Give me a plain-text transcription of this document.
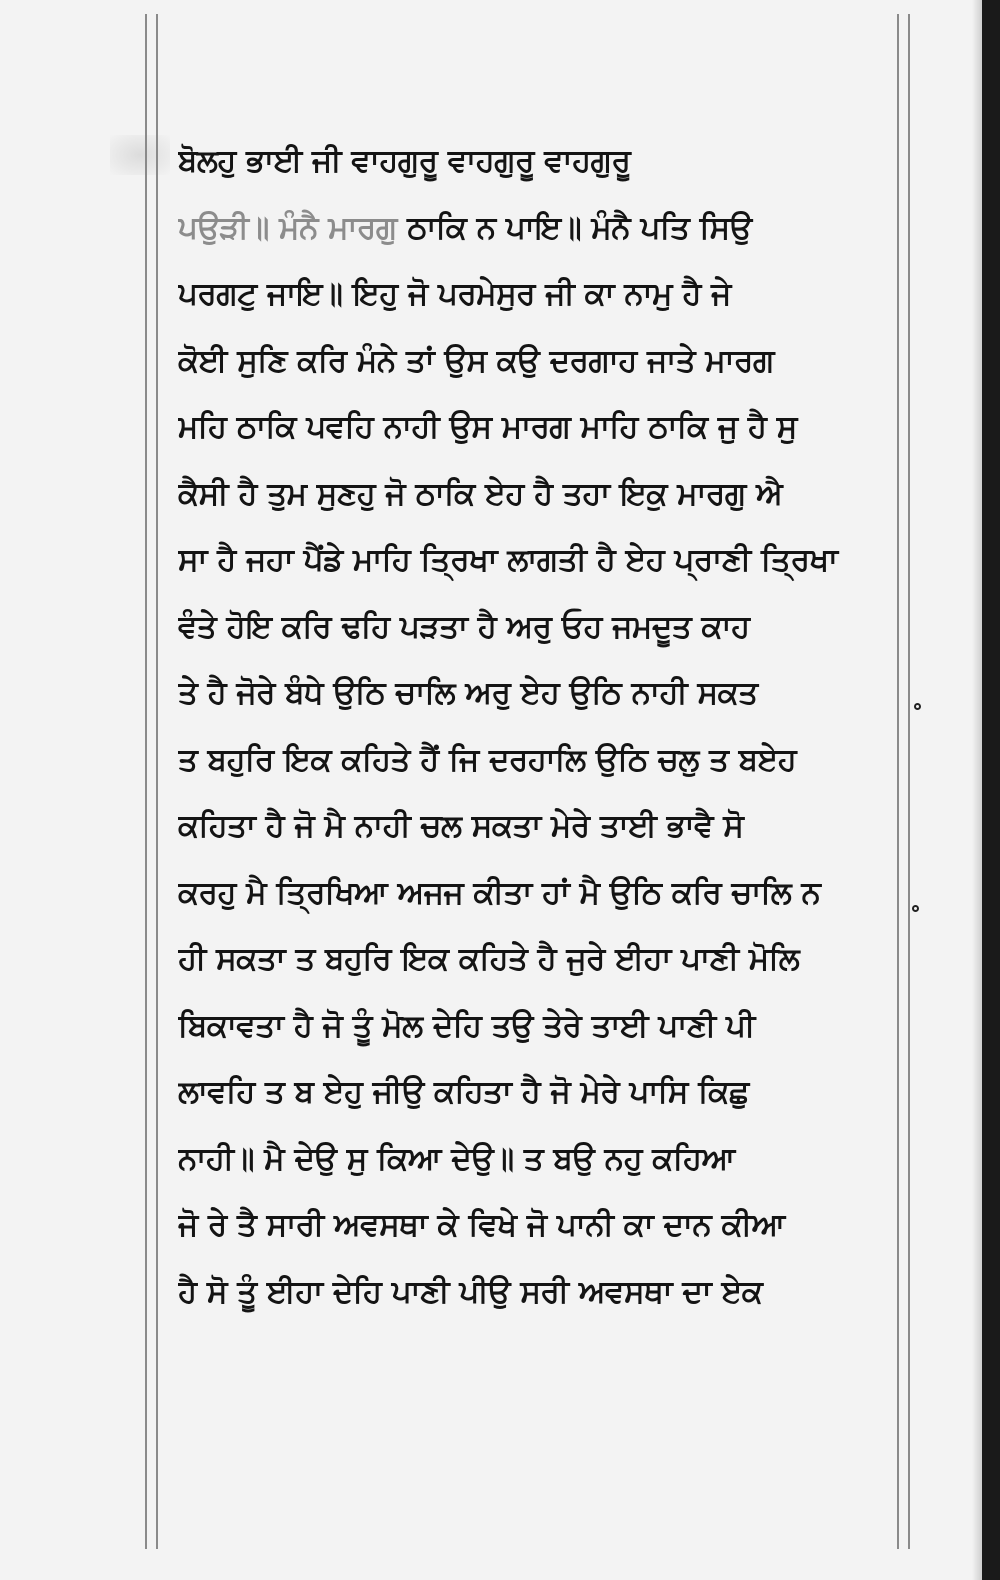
ਬੋਲਹੁ ਭਾਈ ਜੀ ਵਾਹਗੁਰੂ ਵਾਹਗੁਰੂ ਵਾਹਗੁਰੂ
ਪਉੜੀ॥ ਮੰਨੈ ਮਾਰਗੁ ਠਾਕਿ ਨ ਪਾਇ॥ ਮੰਨੈ ਪਤਿ ਸਿਉ
ਪਰਗਟੁ ਜਾਇ॥ ਇਹੁ ਜੋ ਪਰਮੇਸੁਰ ਜੀ ਕਾ ਨਾਮੁ ਹੈ ਜੇ
ਕੋਈ ਸੁਣਿ ਕਰਿ ਮੰਨੇ ਤਾਂ ਉਸ ਕਉ ਦਰਗਾਹ ਜਾਤੇ ਮਾਰਗ
ਮਹਿ ਠਾਕਿ ਪਵਹਿ ਨਾਹੀ ਉਸ ਮਾਰਗ ਮਾਹਿ ਠਾਕਿ ਜੁ ਹੈ ਸੁ
ਕੈਸੀ ਹੈ ਤੁਮ ਸੁਣਹੁ ਜੋ ਠਾਕਿ ਏਹ ਹੈ ਤਹਾ ਇਕੁ ਮਾਰਗੁ ਐ
ਸਾ ਹੈ ਜਹਾ ਪੈਂਡੇ ਮਾਹਿ ਤ੍ਰਿਖਾ ਲਾਗਤੀ ਹੈ ਏਹ ਪ੍ਰਾਣੀ ਤ੍ਰਿਖਾ
ਵੰਤੇ ਹੋਇ ਕਰਿ ਢਹਿ ਪੜਤਾ ਹੈ ਅਰੁ ਓਹ ਜਮਦੂਤ ਕਾਹ
ਤੇ ਹੈ ਜੋਰੇ ਬੰਧੇ ਉਠਿ ਚਾਲਿ ਅਰੁ ਏਹ ਉਠਿ ਨਾਹੀ ਸਕਤ
ਤ ਬਹੁਰਿ ਇਕ ਕਹਿਤੇ ਹੈਂ ਜਿ ਦਰਹਾਲਿ ਉਠਿ ਚਲੁ ਤ ਬਏਹ
ਕਹਿਤਾ ਹੈ ਜੋ ਮੈ ਨਾਹੀ ਚਲ ਸਕਤਾ ਮੇਰੇ ਤਾਈ ਭਾਵੈ ਸੋ
ਕਰਹੁ ਮੈ ਤ੍ਰਿਖਿਆ ਅਜਜ ਕੀਤਾ ਹਾਂ ਮੈ ਉਠਿ ਕਰਿ ਚਾਲਿ ਨ
ਹੀ ਸਕਤਾ ਤ ਬਹੁਰਿ ਇਕ ਕਹਿਤੇ ਹੈ ਜੁਰੇ ਈਹਾ ਪਾਣੀ ਮੋਲਿ
ਬਿਕਾਵਤਾ ਹੈ ਜੋ ਤੂੰ ਮੋਲ ਦੇਹਿ ਤਉ ਤੇਰੇ ਤਾਈ ਪਾਣੀ ਪੀ
ਲਾਵਹਿ ਤ ਬ ਏਹੁ ਜੀਉ ਕਹਿਤਾ ਹੈ ਜੋ ਮੇਰੇ ਪਾਸਿ ਕਿਛੁ
ਨਾਹੀ॥ ਮੈ ਦੇਉ ਸੁ ਕਿਆ ਦੇਉ॥ ਤ ਬਉ ਨਹੁ ਕਹਿਆ
ਜੋ ਰੇ ਤੈ ਸਾਰੀ ਅਵਸਥਾ ਕੇ ਵਿਖੇ ਜੋ ਪਾਨੀ ਕਾ ਦਾਨ ਕੀਆ
ਹੈ ਸੋ ਤੂੰ ਈਹਾ ਦੇਹਿ ਪਾਣੀ ਪੀਉ ਸਰੀ ਅਵਸਥਾ ਦਾ ਏਕ
